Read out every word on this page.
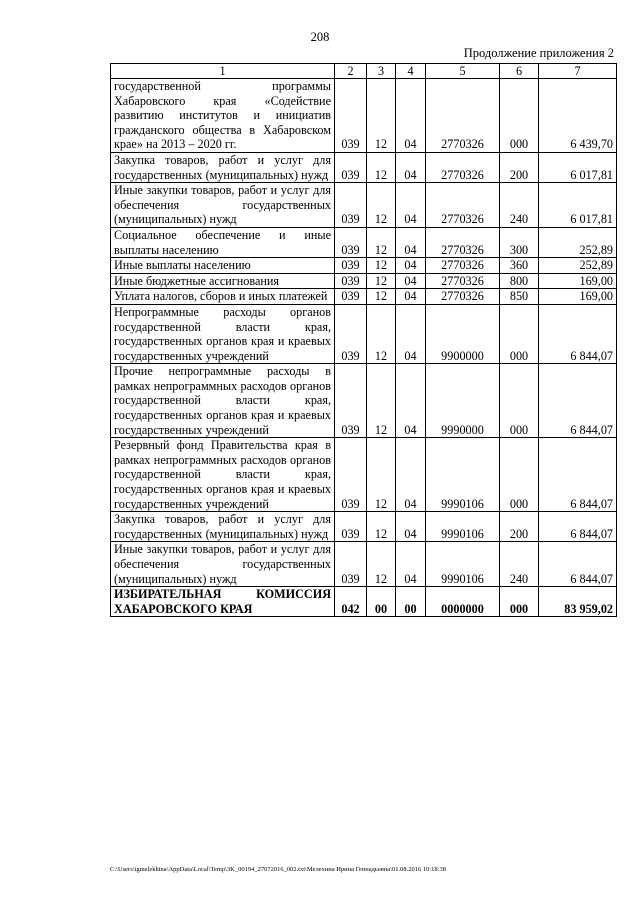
208
Продолжение приложения 2
1	2	3	4	5	6	7
государственной программы Хабаровского края «Содействие развитию институтов и инициатив гражданского общества в Хабаровском крае» на 2013 – 2020 гг.	039	12	04	2770326	000	6 439,70
Закупка товаров, работ и услуг для государственных (муниципальных) нужд	039	12	04	2770326	200	6 017,81
Иные закупки товаров, работ и услуг для обеспечения государственных (муниципальных) нужд	039	12	04	2770326	240	6 017,81
Социальное обеспечение и иные выплаты населению	039	12	04	2770326	300	252,89
Иные выплаты населению	039	12	04	2770326	360	252,89
Иные бюджетные ассигнования	039	12	04	2770326	800	169,00
Уплата налогов, сборов и иных платежей	039	12	04	2770326	850	169,00
Непрограммные расходы органов государственной власти края, государственных органов края и краевых государственных учреждений	039	12	04	9900000	000	6 844,07
Прочие непрограммные расходы в рамках непрограммных расходов органов государственной власти края, государственных органов края и краевых государственных учреждений	039	12	04	9990000	000	6 844,07
Резервный фонд Правительства края в рамках непрограммных расходов органов государственной власти края, государственных органов края и краевых государственных учреждений	039	12	04	9990106	000	6 844,07
Закупка товаров, работ и услуг для государственных (муниципальных) нужд	039	12	04	9990106	200	6 844,07
Иные закупки товаров, работ и услуг для обеспечения государственных (муниципальных) нужд	039	12	04	9990106	240	6 844,07
ИЗБИРАТЕЛЬНАЯ КОМИССИЯ ХАБАРОВСКОГО КРАЯ	042	00	00	0000000	000	83 959,02
C:\Users\igmelekhina\AppData\Local\Temp\3K_00194_27072016_002.txt\Мелехина Ирина Геннадьевна\01.08.2016 10:18:38
